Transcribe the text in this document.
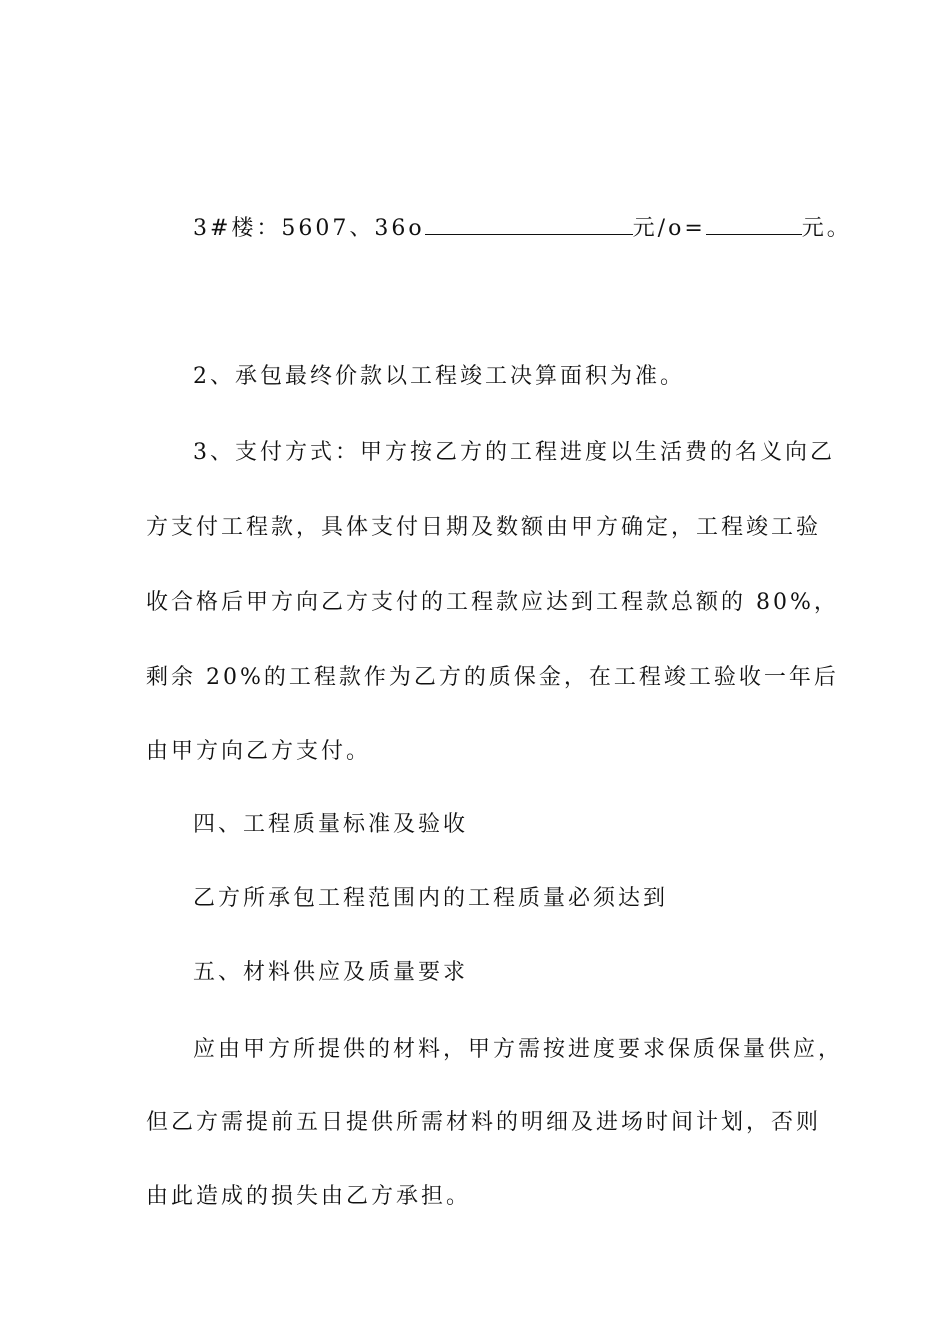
3#楼：5607、36o	元/o=	元。
2、承包最终价款以工程竣工决算面积为准。
3、支付方式：甲方按乙方的工程进度以生活费的名义向乙
方支付工程款，具体支付日期及数额由甲方确定，工程竣工验
收合格后甲方向乙方支付的工程款应达到工程款总额的 80%，
剩余 20%的工程款作为乙方的质保金，在工程竣工验收一年后
由甲方向乙方支付。
四、工程质量标准及验收
乙方所承包工程范围内的工程质量必须达到
五、材料供应及质量要求
应由甲方所提供的材料，甲方需按进度要求保质保量供应，
但乙方需提前五日提供所需材料的明细及进场时间计划，否则
由此造成的损失由乙方承担。
